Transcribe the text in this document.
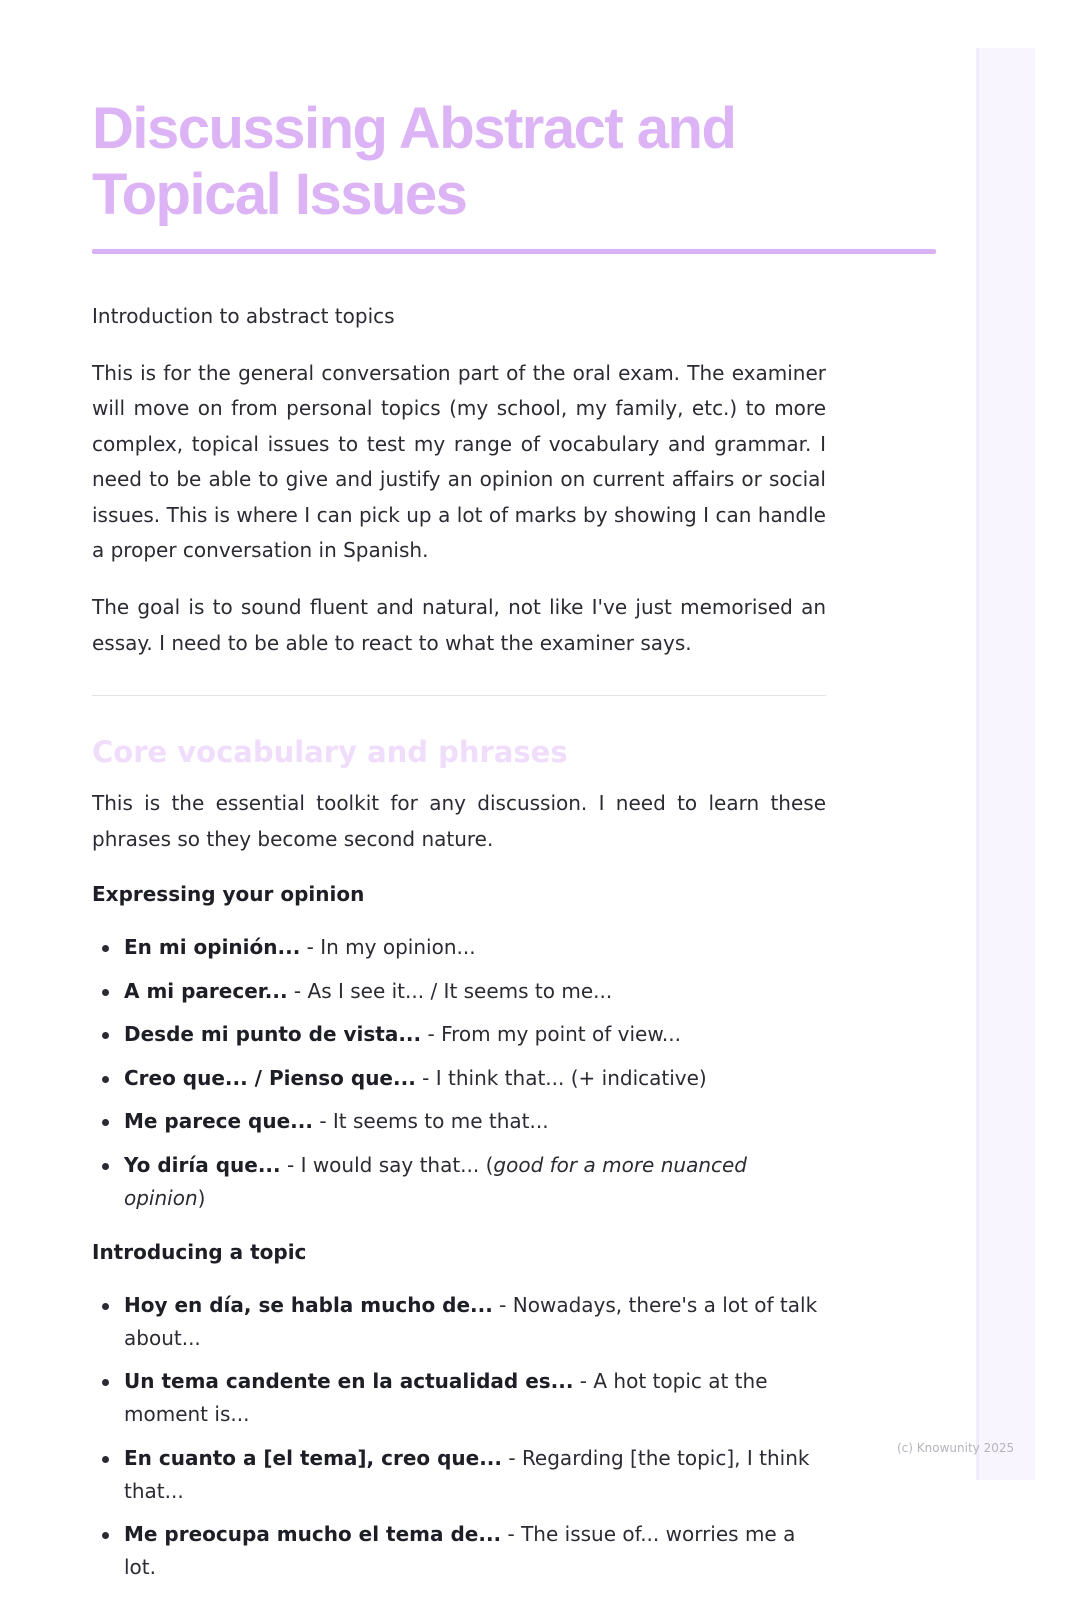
Discussing Abstract and Topical Issues

Introduction to abstract topics

This is for the general conversation part of the oral exam. The examiner will move on from personal topics (my school, my family, etc.) to more complex, topical issues to test my range of vocabulary and grammar. I need to be able to give and justify an opinion on current affairs or social issues. This is where I can pick up a lot of marks by showing I can handle a proper conversation in Spanish.

The goal is to sound fluent and natural, not like I've just memorised an essay. I need to be able to react to what the examiner says.

Core vocabulary and phrases

This is the essential toolkit for any discussion. I need to learn these phrases so they become second nature.

Expressing your opinion
En mi opinión... - In my opinion...
A mi parecer... - As I see it... / It seems to me...
Desde mi punto de vista... - From my point of view...
Creo que... / Pienso que... - I think that... (+ indicative)
Me parece que... - It seems to me that...
Yo diría que... - I would say that... (good for a more nuanced opinion)
Introducing a topic
Hoy en día, se habla mucho de... - Nowadays, there's a lot of talk about...
Un tema candente en la actualidad es... - A hot topic at the moment is...
En cuanto a [el tema], creo que... - Regarding [the topic], I think that...
Me preocupa mucho el tema de... - The issue of... worries me a lot.
(c) Knowunity 2025
